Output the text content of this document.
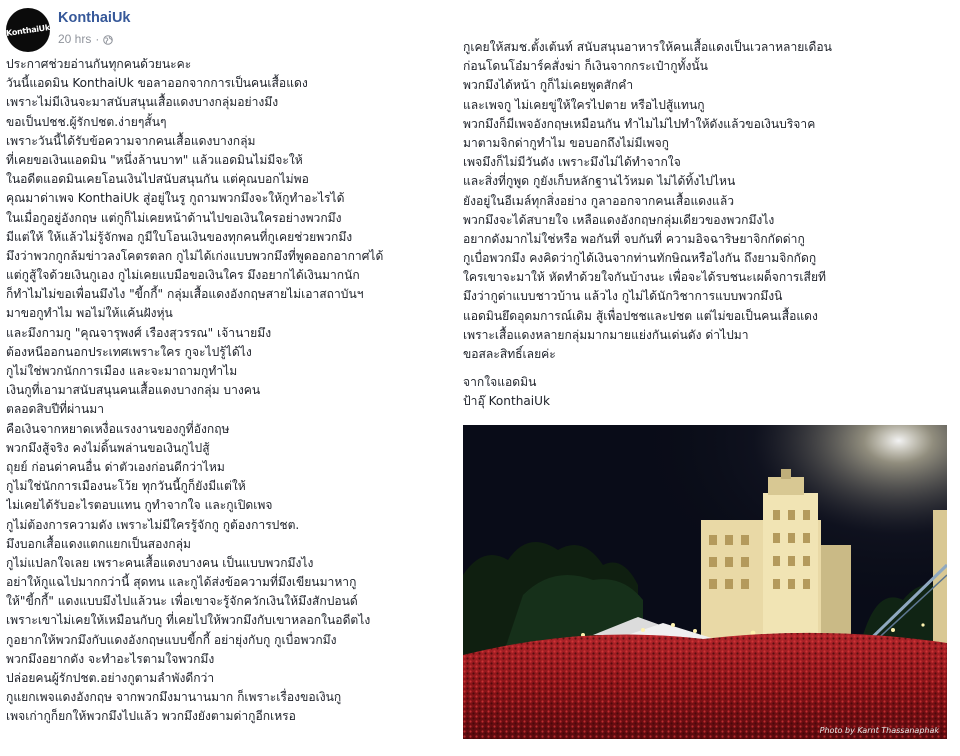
KonthaiUk
KonthaiUk
20 hrs ·
ประกาศช่วยอ่านกันทุกคนด้วยนะคะ
วันนี้แอดมิน KonthaiUk ขอลาออกจากการเป็นคนเสื้อแดง
เพราะไม่มีเงินจะมาสนับสนุนเสื้อแดงบางกลุ่มอย่างมึง
ขอเป็นปชช.ผู้รักปชต.ง่ายๆสั้นๆ
เพราะวันนี้ได้รับข้อความจากคนเสื้อแดงบางกลุ่ม
ที่เคยขอเงินแอดมิน "หนึ่งล้านบาท" แล้วแอดมินไม่มีจะให้
ในอดีตแอดมินเคยโอนเงินไปสนับสนุนกัน แต่คุณบอกไม่พอ
คุณมาด่าเพจ KonthaiUk สู่อยู่ในรู กูถามพวกมึงจะให้กูทำอะไรได้
ในเมื่อกูอยู่อังกฤษ แต่กูก็ไม่เคยหน้าด้านไปขอเงินใครอย่างพวกมึง
มีแต่ให้ ให้แล้วไม่รู้จักพอ กูมีใบโอนเงินของทุกคนที่กูเคยช่วยพวกมึง
มึงว่าพวกกูกล้มข่าวลงโคตรตลก กูไม่ได้เก่งแบบพวกมึงที่พูดออกอากาศได้
แต่กูสู้ใจด้วยเงินกูเอง กูไม่เคยแบมือขอเงินใคร มึงอยากได้เงินมากนัก
ก็ทำไมไม่ขอเพื่อนมึงไง "ขี้กกี้" กลุ่มเสื้อแดงอังกฤษสายไม่เอาสถาบันฯ
มาขอกูทำไม พอไม่ให้แค้นฝังหุ่น
และมึงกามกู "คุณจารุพงศ์ เรืองสุวรรณ" เจ้านายมึง
ต้องหนีออกนอกประเทศเพราะใคร กูจะไปรู้ได้ไง
กูไม่ใช่พวกนักการเมือง และจะมาถามกูทำไม
เงินกูที่เอามาสนับสนุนคนเสื้อแดงบางกลุ่ม บางคน
ตลอดสิบปีที่ผ่านมา
คือเงินจากหยาดเหงื่อแรงงานของกูที่อังกฤษ
พวกมึงสู้จริง คงไม่ดิ้นพล่านขอเงินกูไปสู้
ถุยย์ ก่อนด่าคนอื่น ด่าตัวเองก่อนดีกว่าไหม
กูไม่ใช่นักการเมืองนะโว้ย ทุกวันนี้กูก็ยังมีแต่ให้
ไม่เคยได้รับอะไรตอบแทน กูทำจากใจ และกูเปิดเพจ
กูไม่ต้องการความดัง เพราะไม่มีใครรู้จักกู กูต้องการปชต.
มึงบอกเสื้อแดงแตกแยกเป็นสองกลุ่ม
กูไม่แปลกใจเลย เพราะคนเสื้อแดงบางคน เป็นแบบพวกมึงไง
อย่าให้กูแฉไปมากกว่านี้ สุดทน และกูได้ส่งข้อความที่มึงเขียนมาหากู
ให้"ขี้กกี้" แดงแบบมึงไปแล้วนะ เพื่อเขาจะรู้จักควักเงินให้มึงสักปอนด์
เพราะเขาไม่เคยให้เหมือนกับกู ที่เคยไปให้พวกมึงกับเขาหลอกในอดีตไง
กูอยากให้พวกมึงกับแดงอังกฤษแบบขี้กกี้ อย่ายุ่งกับกู กูเบื่อพวกมึง
พวกมึงอยากดัง จะทำอะไรตามใจพวกมึง
ปล่อยคนผู้รักปชต.อย่างกูตามลำพังดีกว่า
กูแยกเพจแดงอังกฤษ จากพวกมึงมานานมาก ก็เพราะเรื่องขอเงินกู
เพจเก่ากูก็ยกให้พวกมึงไปแล้ว พวกมึงยังตามด่ากูอีกเหรอ
กูเคยให้สมช.ตั้งเต้นท์ สนับสนุนอาหารให้คนเสื้อแดงเป็นเวลาหลายเดือน
ก่อนโดนโอ๋มาร์คสั่งฆ่า ก็เงินจากกระเป๋ากูทั้งนั้น
พวกมึงได้หน้า กูก็ไม่เคยพูดสักคำ
และเพจกู ไม่เคยขู่ให้ใครไปตาย หรือไปสู้แทนกู
พวกมึงก็มีเพจอังกฤษเหมือนกัน ทำไมไม่ไปทำให้ดังแล้วขอเงินบริจาค
มาตามจิกด่ากูทำไม ขอบอกถึงไม่มีเพจกู
เพจมึงก็ไม่มีวันดัง เพราะมึงไม่ได้ทำจากใจ
และสิ่งที่กูพูด กูยังเก็บหลักฐานไว้หมด ไม่ได้ทิ้งไปไหน
ยังอยู่ในอีเมล์ทุกสิ่งอย่าง กูลาออกจากคนเสื้อแดงแล้ว
พวกมึงจะได้สบายใจ เหลือแดงอังกฤษกลุ่มเดียวของพวกมึงไง
อยากดังมากไม่ใช่หรือ พอกันที่ จบกันที่ ความอิจฉาริษยาจิกกัดด่ากู
กูเบื่อพวกมึง คงคิดว่ากูได้เงินจากท่านทักษิณหรือไงกัน ถึงยามจิกกัดกู
ใครเขาจะมาให้ หัดทำด้วยใจกันบ้างนะ เพื่อจะได้รบชนะเผด็จการเสียที
มึงว่ากูด่าแบบชาวบ้าน แล้วไง กูไม่ได้นักวิชาการแบบพวกมึงนิ
แอดมินยึดอุดมการณ์เดิม สู้เพื่อปชชและปชต แต่ไม่ขอเป็นคนเสื้อแดง
เพราะเสื้อแดงหลายกลุ่มมากมายแย่งกันเด่นดัง ด่าไปมา
ขอสละสิทธิ์เลยค่ะ
จากใจแอดมิน
ป้าอุ๊ KonthaiUk
Photo by Karnt Thassanaphak
